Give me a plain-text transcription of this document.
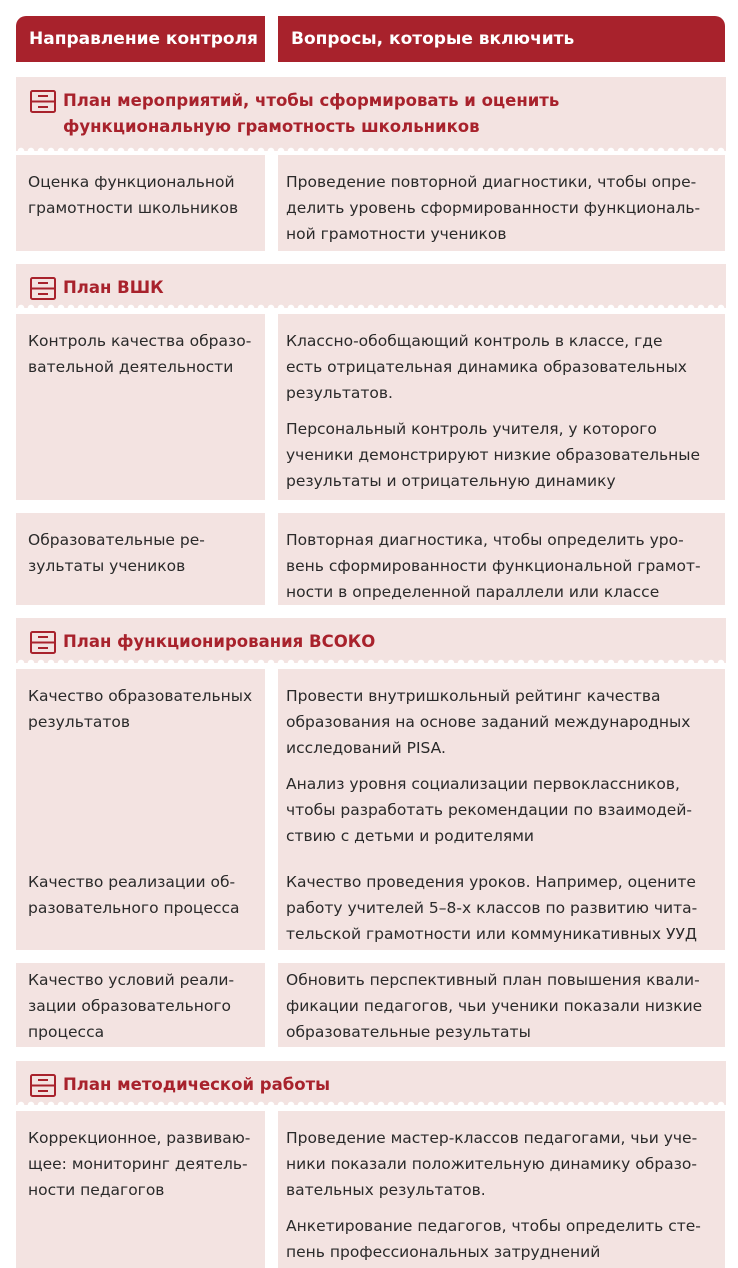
Направление контроля	Вопросы, которые включить
План мероприятий, чтобы сформировать и оценить функциональную грамотность школьников
Оценка функциональной
грамотности школьников

Проведение повторной диагностики, чтобы опре-
делить уровень сформированности функциональ-
ной грамотности учеников

План ВШК
Контроль качества образо-
вательной деятельности

Классно-обобщающий контроль в классе, где
есть отрицательная динамика образовательных
результатов.

Персональный контроль учителя, у которого
ученики демонстрируют низкие образовательные
результаты и отрицательную динамику

Образовательные ре-
зультаты учеников

Повторная диагностика, чтобы определить уро-
вень сформированности функциональной грамот-
ности в определенной параллели или классе

План функционирования ВСОКО
Качество образовательных
результатов
Качество реализации об-
разовательного процесса

Провести внутришкольный рейтинг качества
образования на основе заданий международных
исследований PISA.

Анализ уровня социализации первоклассников,
чтобы разработать рекомендации по взаимодей-
ствию с детьми и родителями

Качество проведения уроков. Например, оцените
работу учителей 5–8-х классов по развитию чита-
тельской грамотности или коммуникативных УУД

Качество условий реали-
зации образовательного
процесса

Обновить перспективный план повышения квали-
фикации педагогов, чьи ученики показали низкие
образовательные результаты

План методической работы
Коррекционное, развиваю-
щее: мониторинг деятель-
ности педагогов

Проведение мастер-классов педагогами, чьи уче-
ники показали положительную динамику образо-
вательных результатов.

Анкетирование педагогов, чтобы определить сте-
пень профессиональных затруднений
